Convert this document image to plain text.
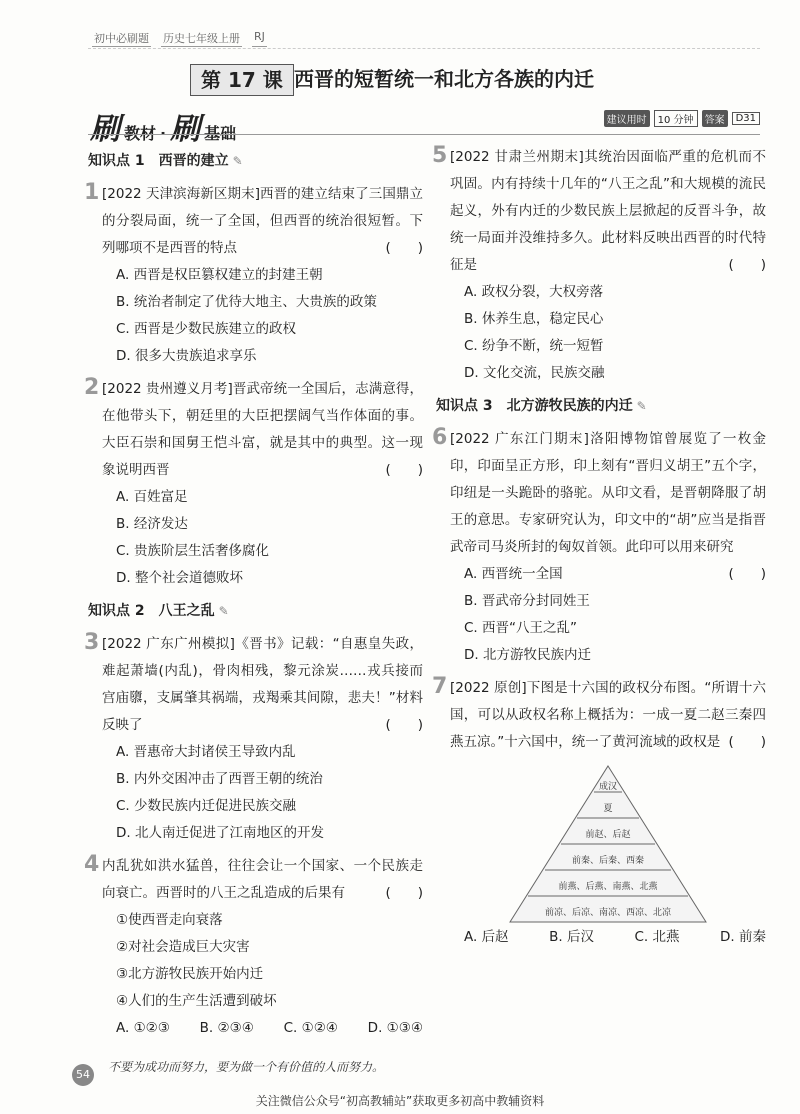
初中必刷题 历史七年级上册 RJ
第 17 课 西晋的短暂统一和北方各族的内迁
刷 教材 · 刷 基础
建议用时	10 分钟	答案	D31
知识点 1　西晋的建立 ✎
1 [2022 天津滨海新区期末]西晋的建立结束了三国鼎立的分裂局面，统一了全国，但西晋的统治很短暂。下列哪项不是西晋的特点	(　　)
A. 西晋是权臣篡权建立的封建王朝
B. 统治者制定了优待大地主、大贵族的政策
C. 西晋是少数民族建立的政权
D. 很多大贵族追求享乐
2 [2022 贵州遵义月考]晋武帝统一全国后，志满意得，在他带头下，朝廷里的大臣把摆阔气当作体面的事。大臣石崇和国舅王恺斗富，就是其中的典型。这一现象说明西晋	(　　)
A. 百姓富足
B. 经济发达
C. 贵族阶层生活奢侈腐化
D. 整个社会道德败坏
知识点 2　八王之乱 ✎
3 [2022 广东广州模拟]《晋书》记载：“自惠皇失政，难起萧墙(内乱)，骨肉相残，黎元涂炭……戎兵接而宫庙隳，支属肇其祸端，戎羯乘其间隙，悲夫！”材料反映了	(　　)
A. 晋惠帝大封诸侯王导致内乱
B. 内外交困冲击了西晋王朝的统治
C. 少数民族内迁促进民族交融
D. 北人南迁促进了江南地区的开发
4 内乱犹如洪水猛兽，往往会让一个国家、一个民族走向衰亡。西晋时的八王之乱造成的后果有	(　　)
①使西晋走向衰落
②对社会造成巨大灾害
③北方游牧民族开始内迁
④人们的生产生活遭到破坏
A. ①②③ B. ②③④ C. ①②④ D. ①③④
5 [2022 甘肃兰州期末]其统治因面临严重的危机而不巩固。内有持续十几年的“八王之乱”和大规模的流民起义，外有内迁的少数民族上层掀起的反晋斗争，故统一局面并没维持多久。此材料反映出西晋的时代特征是	(　　)
A. 政权分裂，大权旁落
B. 休养生息，稳定民心
C. 纷争不断，统一短暂
D. 文化交流，民族交融
知识点 3　北方游牧民族的内迁 ✎
6 [2022 广东江门期末]洛阳博物馆曾展览了一枚金印，印面呈正方形，印上刻有“晋归义胡王”五个字，印纽是一头跪卧的骆驼。从印文看，是晋朝降服了胡王的意思。专家研究认为，印文中的“胡”应当是指晋武帝司马炎所封的匈奴首领。此印可以用来研究
(　　)
A. 西晋统一全国
B. 晋武帝分封同姓王
C. 西晋“八王之乱”
D. 北方游牧民族内迁
7 [2022 原创]下图是十六国的政权分布图。“所谓十六国，可以从政权名称上概括为：一成一夏二赵三秦四燕五凉。”十六国中，统一了黄河流域的政权是 (　　)
成汉
夏
前赵、后赵
前秦、后秦、西秦
前燕、后燕、南燕、北燕
前凉、后凉、南凉、西凉、北凉
A. 后赵	B. 后汉	C. 北燕	D. 前秦
54
不要为成功而努力，要为做一个有价值的人而努力。
关注微信公众号“初高教辅站”获取更多初高中教辅资料
